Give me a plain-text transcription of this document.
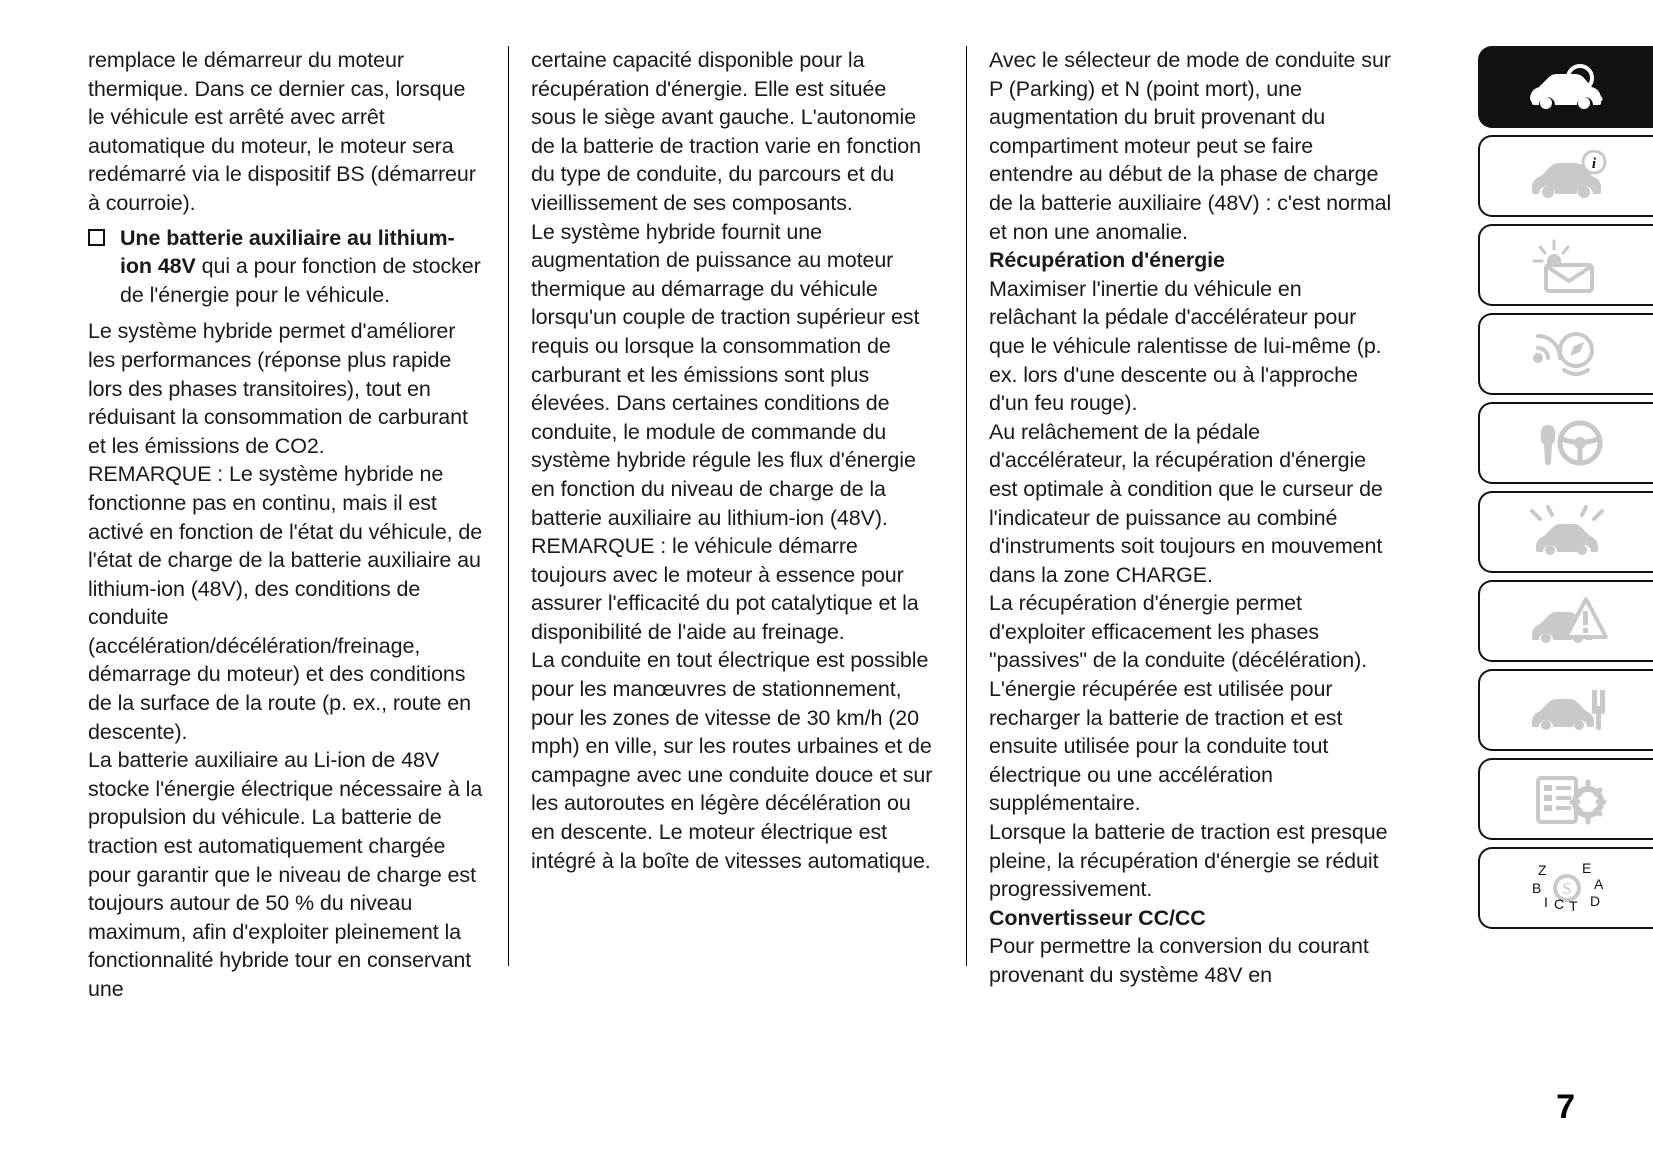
remplace le démarreur du moteur thermique. Dans ce dernier cas, lorsque le véhicule est arrêté avec arrêt automatique du moteur, le moteur sera redémarré via le dispositif BS (démarreur à courroie).

Une batterie auxiliaire au lithium-ion 48V qui a pour fonction de stocker de l'énergie pour le véhicule.

Le système hybride permet d'améliorer les performances (réponse plus rapide lors des phases transitoires), tout en réduisant la consommation de carburant et les émissions de CO2.

REMARQUE : Le système hybride ne fonctionne pas en continu, mais il est activé en fonction de l'état du véhicule, de l'état de charge de la batterie auxiliaire au lithium-ion (48V), des conditions de conduite (accélération/décélération/freinage, démarrage du moteur) et des conditions de la surface de la route (p. ex., route en descente).

La batterie auxiliaire au Li-ion de 48V stocke l'énergie électrique nécessaire à la propulsion du véhicule. La batterie de traction est automatiquement chargée pour garantir que le niveau de charge est toujours autour de 50 % du niveau maximum, afin d'exploiter pleinement la fonctionnalité hybride tour en conservant une

certaine capacité disponible pour la récupération d'énergie. Elle est située sous le siège avant gauche. L'autonomie de la batterie de traction varie en fonction du type de conduite, du parcours et du vieillissement de ses composants.

Le système hybride fournit une augmentation de puissance au moteur thermique au démarrage du véhicule lorsqu'un couple de traction supérieur est requis ou lorsque la consommation de carburant et les émissions sont plus élevées. Dans certaines conditions de conduite, le module de commande du système hybride régule les flux d'énergie en fonction du niveau de charge de la batterie auxiliaire au lithium-ion (48V).

REMARQUE : le véhicule démarre toujours avec le moteur à essence pour assurer l'efficacité du pot catalytique et la disponibilité de l'aide au freinage.

La conduite en tout électrique est possible pour les manœuvres de stationnement, pour les zones de vitesse de 30 km/h (20 mph) en ville, sur les routes urbaines et de campagne avec une conduite douce et sur les autoroutes en légère décélération ou en descente. Le moteur électrique est intégré à la boîte de vitesses automatique.

Avec le sélecteur de mode de conduite sur P (Parking) et N (point mort), une augmentation du bruit provenant du compartiment moteur peut se faire entendre au début de la phase de charge de la batterie auxiliaire (48V) : c'est normal et non une anomalie.

Récupération d'énergie

Maximiser l'inertie du véhicule en relâchant la pédale d'accélérateur pour que le véhicule ralentisse de lui-même (p. ex. lors d'une descente ou à l'approche d'un feu rouge).

Au relâchement de la pédale d'accélérateur, la récupération d'énergie est optimale à condition que le curseur de l'indicateur de puissance au combiné d'instruments soit toujours en mouvement dans la zone CHARGE.

La récupération d'énergie permet d'exploiter efficacement les phases "passives" de la conduite (décélération). L'énergie récupérée est utilisée pour recharger la batterie de traction et est ensuite utilisée pour la conduite tout électrique ou une accélération supplémentaire.

Lorsque la batterie de traction est presque pleine, la récupération d'énergie se réduit progressivement.

Convertisseur CC/CC

Pour permettre la conversion du courant provenant du système 48V en

i
S
Z	E
A
D
T
C
I
B
7
